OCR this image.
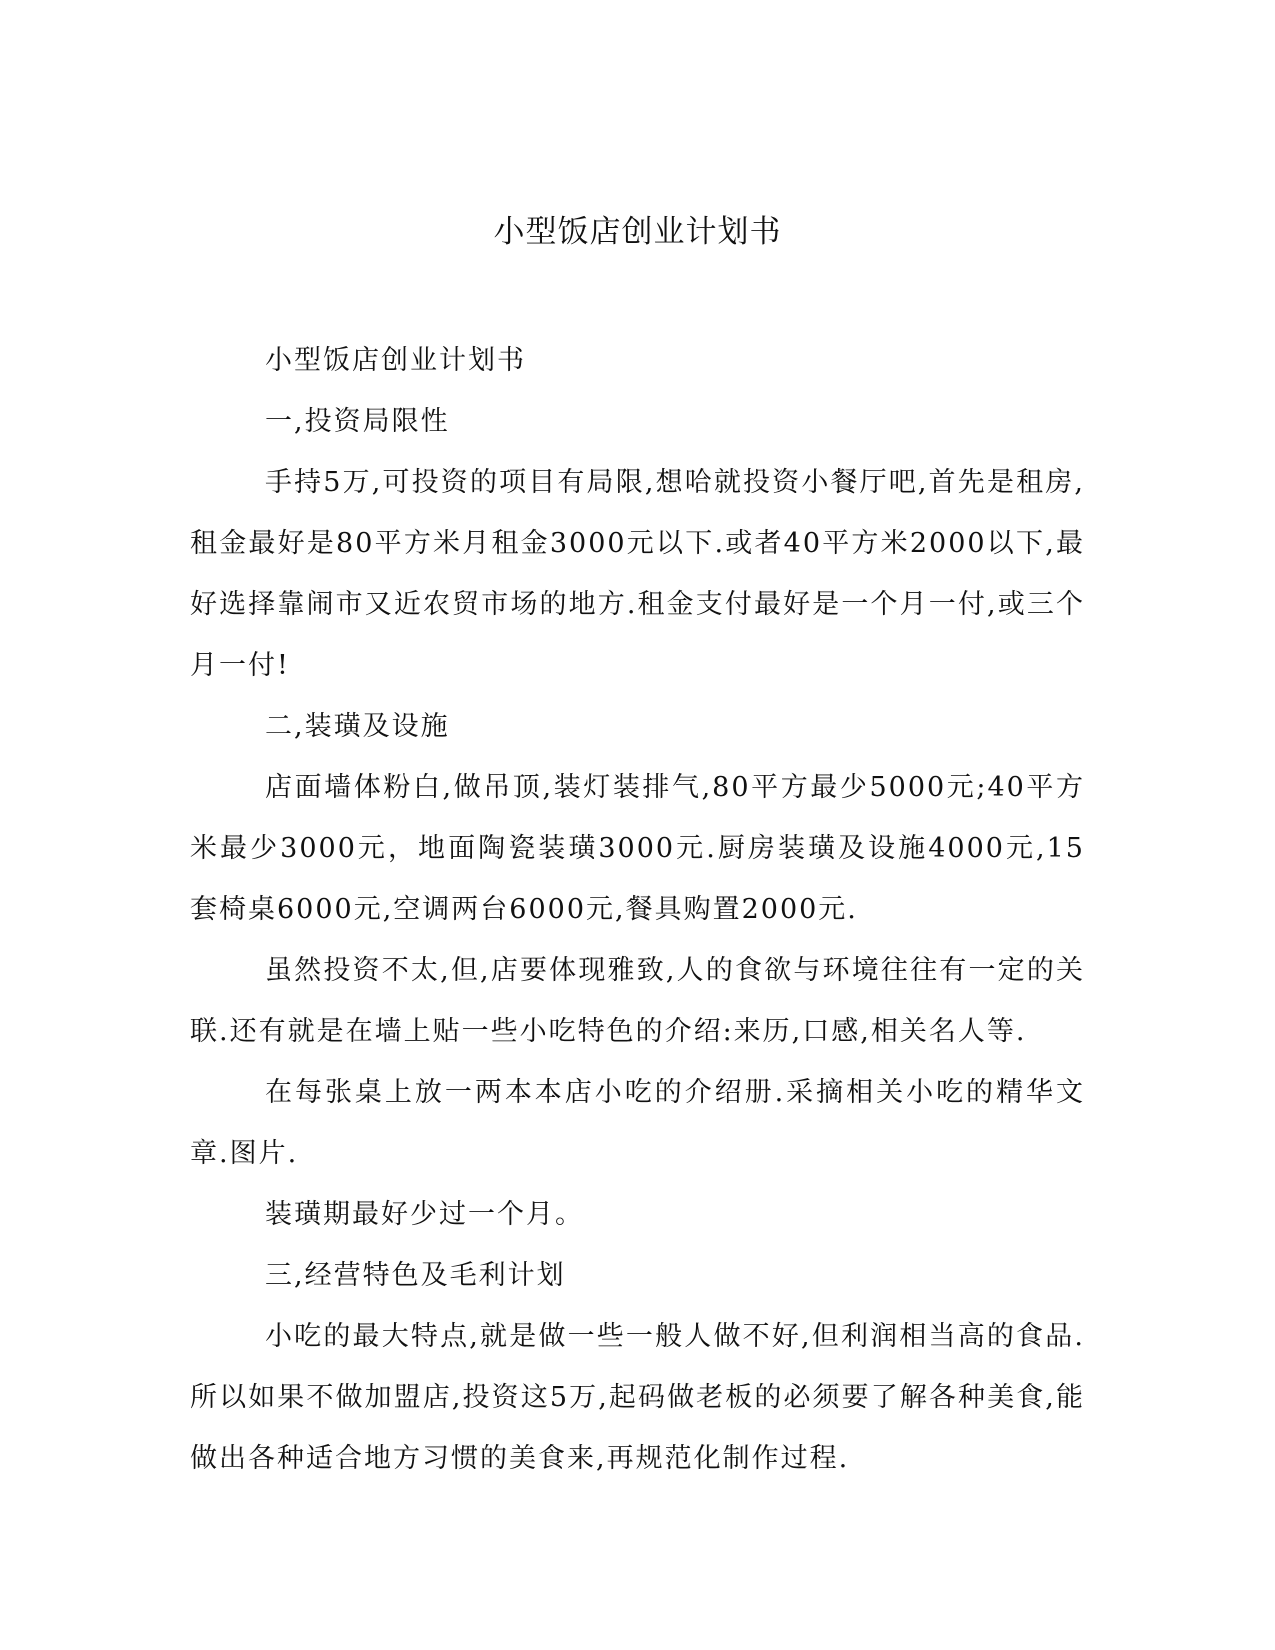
小型饭店创业计划书

小型饭店创业计划书

一,投资局限性

手持5万,可投资的项目有局限,想哈就投资小餐厅吧,首先是租房,租金最好是80平方米月租金3000元以下.或者40平方米2000以下,最好选择靠闹市又近农贸市场的地方.租金支付最好是一个月一付,或三个月一付!

二,装璜及设施

店面墙体粉白,做吊顶,装灯装排气,80平方最少5000元;40平方米最少3000元，地面陶瓷装璜3000元.厨房装璜及设施4000元,15套椅桌6000元,空调两台6000元,餐具购置2000元.

虽然投资不太,但,店要体现雅致,人的食欲与环境往往有一定的关联.还有就是在墙上贴一些小吃特色的介绍:来历,口感,相关名人等.

在每张桌上放一两本本店小吃的介绍册.采摘相关小吃的精华文章.图片.

装璜期最好少过一个月。

三,经营特色及毛利计划

小吃的最大特点,就是做一些一般人做不好,但利润相当高的食品.所以如果不做加盟店,投资这5万,起码做老板的必须要了解各种美食,能做出各种适合地方习惯的美食来,再规范化制作过程.
